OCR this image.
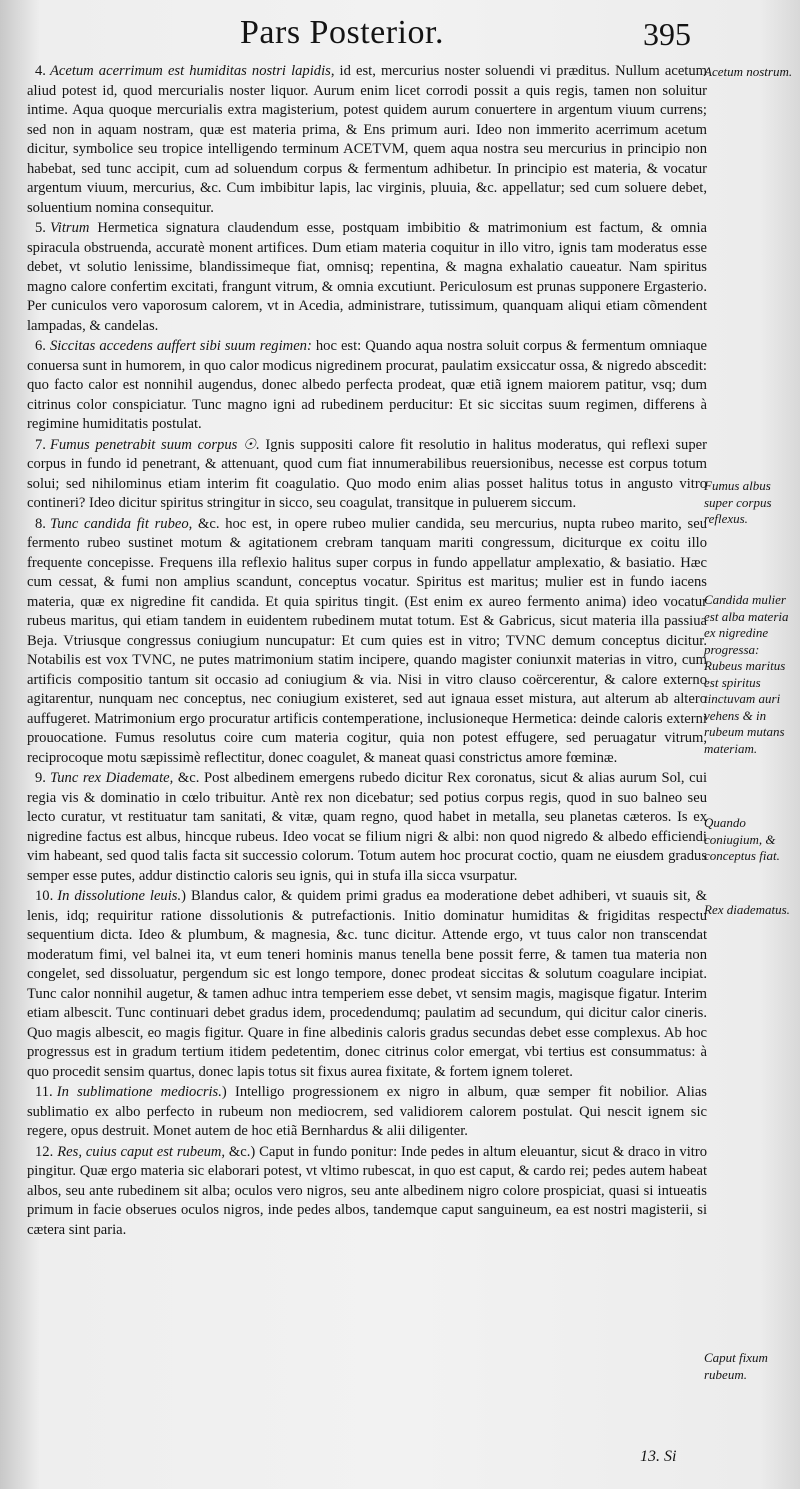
Pars Posterior.	395

4. Acetum acerrimum est humiditas nostri lapidis, id est, mercurius noster soluendi vi præditus. Nullum acetum aliud potest id, quod mercurialis noster liquor. Aurum enim licet corrodi possit a quis regis, tamen non soluitur intime. Aqua quoque mercurialis extra magisterium, potest quidem aurum conuertere in argentum viuum currens; sed non in aquam nostram, quæ est materia prima, & Ens primum auri. Ideo non immerito acerrimum acetum dicitur, symbolice seu tropice intelligendo terminum ACETVM, quem aqua nostra seu mercurius in principio non habebat, sed tunc accipit, cum ad soluendum corpus & fermentum adhibetur. In principio est materia, & vocatur argentum viuum, mercurius, &c. Cum imbibitur lapis, lac virginis, pluuia, &c. appellatur; sed cum soluere debet, soluentium nomina consequitur.

5. Vitrum Hermetica signatura claudendum esse, postquam imbibitio & matrimonium est factum, & omnia spiracula obstruenda, accuratè monent artifices. Dum etiam materia coquitur in illo vitro, ignis tam moderatus esse debet, vt solutio lenissime, blandissimeque fiat, omnisq; repentina, & magna exhalatio caueatur. Nam spiritus magno calore confertim excitati, frangunt vitrum, & omnia excutiunt. Periculosum est prunas supponere Ergasterio. Per cuniculos vero vaporosum calorem, vt in Acedia, administrare, tutissimum, quanquam aliqui etiam cõmendent lampadas, & candelas.

6. Siccitas accedens auffert sibi suum regimen: hoc est: Quando aqua nostra soluit corpus & fermentum omniaque conuersa sunt in humorem, in quo calor modicus nigredinem procurat, paulatim exsiccatur ossa, & nigredo abscedit: quo facto calor est nonnihil augendus, donec albedo perfecta prodeat, quæ etiã ignem maiorem patitur, vsq; dum citrinus color conspiciatur. Tunc magno igni ad rubedinem perducitur: Et sic siccitas suum regimen, differens à regimine humiditatis postulat.

7. Fumus penetrabit suum corpus ☉. Ignis suppositi calore fit resolutio in halitus moderatus, qui reflexi super corpus in fundo id penetrant, & attenuant, quod cum fiat innumerabilibus reuersionibus, necesse est corpus totum solui; sed nihilominus etiam interim fit coagulatio. Quo modo enim alias posset halitus totus in angusto vitro contineri? Ideo dicitur spiritus stringitur in sicco, seu coagulat, transitque in puluerem siccum.

8. Tunc candida fit rubeo, &c. hoc est, in opere rubeo mulier candida, seu mercurius, nupta rubeo marito, seu fermento rubeo sustinet motum & agitationem crebram tanquam mariti congressum, diciturque ex coitu illo frequente concepisse. Frequens illa reflexio halitus super corpus in fundo appellatur amplexatio, & basiatio. Hæc cum cessat, & fumi non amplius scandunt, conceptus vocatur. Spiritus est maritus; mulier est in fundo iacens materia, quæ ex nigredine fit candida. Et quia spiritus tingit. (Est enim ex aureo fermento anima) ideo vocatur rubeus maritus, qui etiam tandem in euidentem rubedinem mutat totum. Est & Gabricus, sicut materia illa passiua Beja. Vtriusque congressus coniugium nuncupatur: Et cum quies est in vitro; TVNC demum conceptus dicitur. Notabilis est vox TVNC, ne putes matrimonium statim incipere, quando magister coniunxit materias in vitro, cum artificis compositio tantum sit occasio ad coniugium & via. Nisi in vitro clauso coërcerentur, & calore externo agitarentur, nunquam nec conceptus, nec coniugium existeret, sed aut ignaua esset mistura, aut alterum ab altero auffugeret. Matrimonium ergo procuratur artificis contemperatione, inclusioneque Hermetica: deinde caloris externi prouocatione. Fumus resolutus coire cum materia cogitur, quia non potest effugere, sed peruagatur vitrum, reciprocoque motu sæpissimè reflectitur, donec coagulet, & maneat quasi constrictus amore fœminæ.

9. Tunc rex Diademate, &c. Post albedinem emergens rubedo dicitur Rex coronatus, sicut & alias aurum Sol, cui regia vis & dominatio in cœlo tribuitur. Antè rex non dicebatur; sed potius corpus regis, quod in suo balneo seu lecto curatur, vt restituatur tam sanitati, & vitæ, quam regno, quod habet in metalla, seu planetas cæteros. Is ex nigredine factus est albus, hincque rubeus. Ideo vocat se filium nigri & albi: non quod nigredo & albedo efficiendi vim habeant, sed quod talis facta sit successio colorum. Totum autem hoc procurat coctio, quam ne eiusdem gradus semper esse putes, addur distinctio caloris seu ignis, qui in stufa illa sicca vsurpatur.

10. In dissolutione leuis.) Blandus calor, & quidem primi gradus ea moderatione debet adhiberi, vt suauis sit, & lenis, idq; requiritur ratione dissolutionis & putrefactionis. Initio dominatur humiditas & frigiditas respectu sequentium dicta. Ideo & plumbum, & magnesia, &c. tunc dicitur. Attende ergo, vt tuus calor non transcendat moderatum fimi, vel balnei ita, vt eum teneri hominis manus tenella bene possit ferre, & tamen tua materia non congelet, sed dissoluatur, pergendum sic est longo tempore, donec prodeat siccitas & solutum coagulare incipiat. Tunc calor nonnihil augetur, & tamen adhuc intra temperiem esse debet, vt sensim magis, magisque figatur. Interim etiam albescit. Tunc continuari debet gradus idem, procedendumq; paulatim ad secundum, qui dicitur calor cineris. Quo magis albescit, eo magis figitur. Quare in fine albedinis caloris gradus secundas debet esse complexus. Ab hoc progressus est in gradum tertium itidem pedetentim, donec citrinus color emergat, vbi tertius est consummatus: à quo procedit sensim quartus, donec lapis totus sit fixus aurea fixitate, & fortem ignem toleret.

11. In sublimatione mediocris.) Intelligo progressionem ex nigro in album, quæ semper fit nobilior. Alias sublimatio ex albo perfecto in rubeum non mediocrem, sed validiorem calorem postulat. Qui nescit ignem sic regere, opus destruit. Monet autem de hoc etiã Bernhardus & alii diligenter.

12. Res, cuius caput est rubeum, &c.) Caput in fundo ponitur: Inde pedes in altum eleuantur, sicut & draco in vitro pingitur. Quæ ergo materia sic elaborari potest, vt vltimo rubescat, in quo est caput, & cardo rei; pedes autem habeat albos, seu ante rubedinem sit alba; oculos vero nigros, seu ante albedinem nigro colore prospiciat, quasi si intueatis primum in facie obserues oculos nigros, inde pedes albos, tandemque caput sanguineum, ea est nostri magisterii, si cætera sint paria.

Acetum nostrum.
Fumus albus super corpus reflexus.
Candida mulier est alba materia ex nigredine progressa: Rubeus maritus est spiritus tinctuvam auri vehens & in rubeum mutans materiam.
Quando coniugium, & conceptus fiat.
Rex diadematus.
Caput fixum rubeum.
13. Si
